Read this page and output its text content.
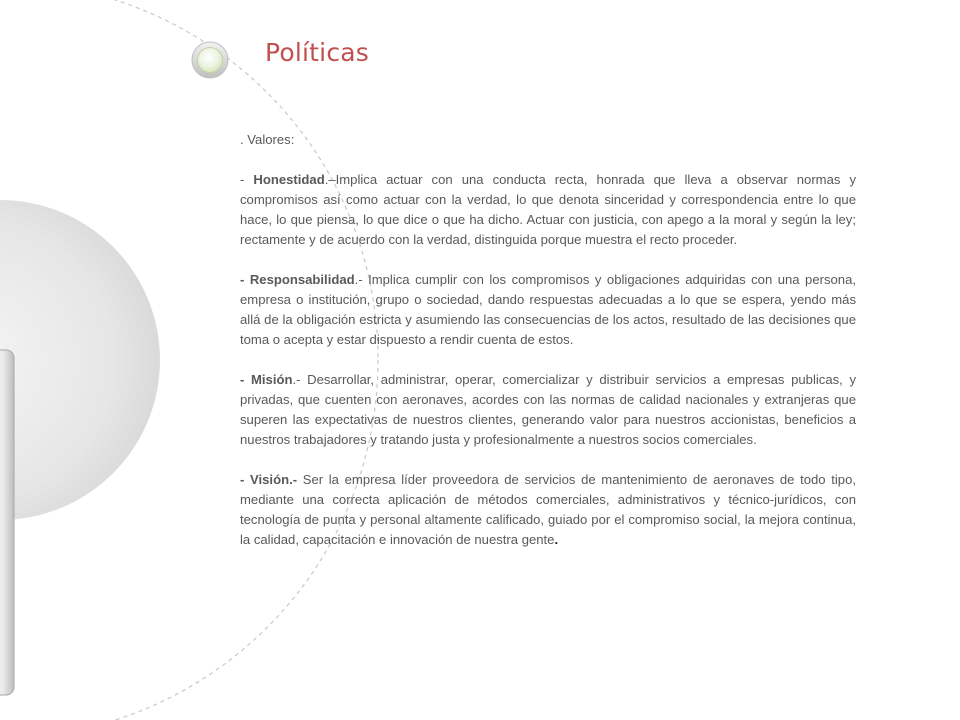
Políticas

. Valores:

- Honestidad.–Implica actuar con una conducta recta, honrada que lleva a observar normas y compromisos así como actuar con la verdad, lo que denota sinceridad y correspondencia entre lo que hace, lo que piensa, lo que dice o que ha dicho. Actuar con justicia, con apego a la moral y según la ley; rectamente y de acuerdo con la verdad, distinguida porque muestra el recto proceder.

- Responsabilidad.- Implica cumplir con los compromisos y obligaciones adquiridas con una persona, empresa o institución, grupo o sociedad, dando respuestas adecuadas a lo que se espera, yendo más allá de la obligación estricta y asumiendo las consecuencias de los actos, resultado de las decisiones que toma o acepta y estar dispuesto a rendir cuenta de estos.

- Misión.- Desarrollar, administrar, operar, comercializar y distribuir servicios a empresas publicas, y privadas, que cuenten con aeronaves, acordes con las normas de calidad nacionales y extranjeras que superen las expectativas de nuestros clientes, generando valor para nuestros accionistas, beneficios a nuestros trabajadores y tratando justa y profesionalmente a nuestros socios comerciales.

- Visión.- Ser la empresa líder proveedora de servicios de mantenimiento de aeronaves de todo tipo, mediante una correcta aplicación de métodos comerciales, administrativos y técnico-jurídicos, con tecnología de punta y personal altamente calificado, guiado por el compromiso social, la mejora continua, la calidad, capacitación e innovación de nuestra gente.
